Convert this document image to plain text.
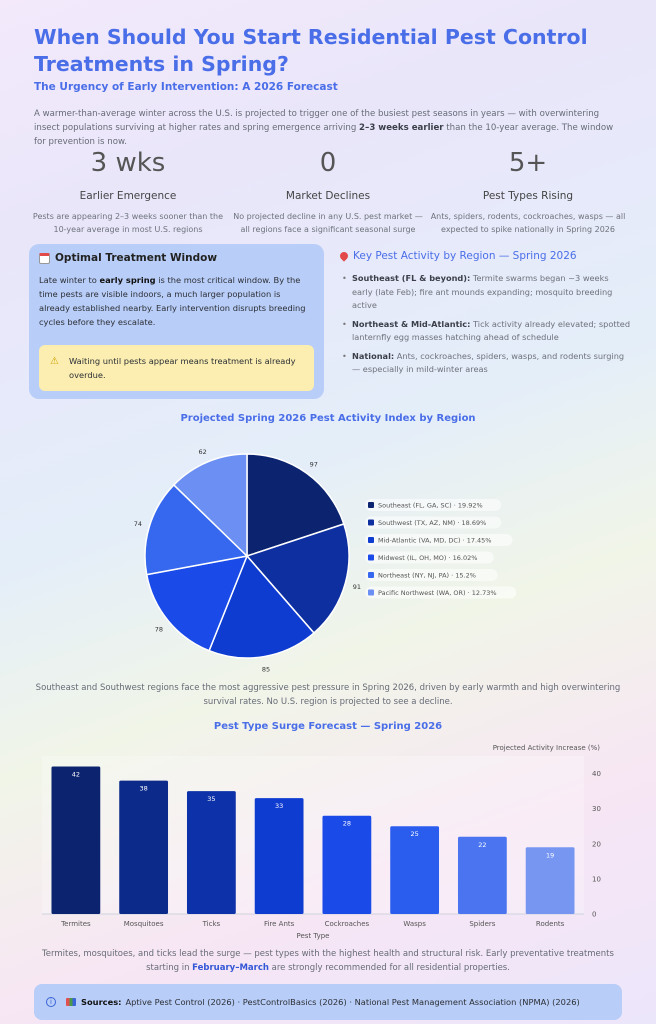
When Should You Start Residential Pest Control Treatments in Spring?
The Urgency of Early Intervention: A 2026 Forecast

A warmer-than-average winter across the U.S. is projected to trigger one of the busiest pest seasons in years — with overwintering insect populations surviving at higher rates and spring emergence arriving 2–3 weeks earlier than the 10-year average. The window for prevention is now.

3 wks
Earlier Emergence
Pests are appearing 2–3 weeks sooner than the 10-year average in most U.S. regions
0
Market Declines
No projected decline in any U.S. pest market — all regions face a significant seasonal surge
5+
Pest Types Rising
Ants, spiders, rodents, cockroaches, wasps — all expected to spike nationally in Spring 2026
Optimal Treatment Window

Late winter to early spring is the most critical window. By the time pests are visible indoors, a much larger population is already established nearby. Early intervention disrupts breeding cycles before they escalate.

⚠ Waiting until pests appear means treatment is already overdue.
Key Pest Activity by Region — Spring 2026
• Southeast (FL & beyond): Termite swarms began ~3 weeks early (late Feb); fire ant mounds expanding; mosquito breeding active
• Northeast & Mid-Atlantic: Tick activity already elevated; spotted lanternfly egg masses hatching ahead of schedule
• National: Ants, cockroaches, spiders, wasps, and rodents surging — especially in mild-winter areas
Projected Spring 2026 Pest Activity Index by Region
97
91
85
78
74
62
Southeast (FL, GA, SC) · 19.92%
Southwest (TX, AZ, NM) · 18.69%
Mid-Atlantic (VA, MD, DC) · 17.45%
Midwest (IL, OH, MO) · 16.02%
Northeast (NY, NJ, PA) · 15.2%
Pacific Northwest (WA, OR) · 12.73%

Southeast and Southwest regions face the most aggressive pest pressure in Spring 2026, driven by early warmth and high overwintering survival rates. No U.S. region is projected to see a decline.

Pest Type Surge Forecast — Spring 2026
0
10
20
30
40
Projected Activity Increase (%)
42
Termites
38
Mosquitoes
35
Ticks
33
Fire Ants
28
Cockroaches
25
Wasps
22
Spiders
19
Rodents
Pest Type

Termites, mosquitoes, and ticks lead the surge — pest types with the highest health and structural risk. Early preventative treatments starting in February–March are strongly recommended for all residential properties.

i	Sources: Aptive Pest Control (2026) · PestControlBasics (2026) · National Pest Management Association (NPMA) (2026)
